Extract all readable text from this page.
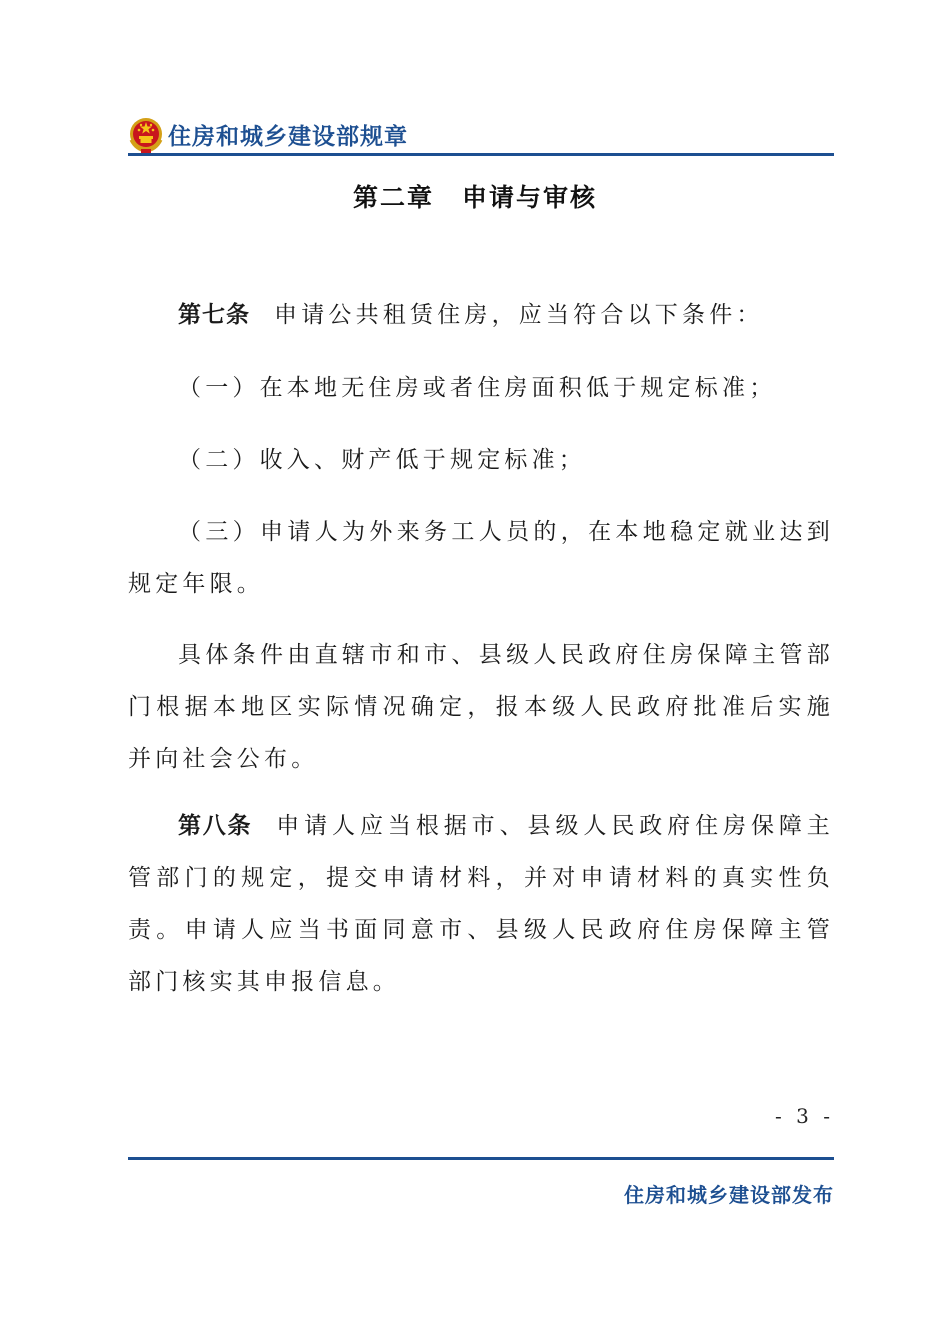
住房和城乡建设部规章
第二章 申请与审核
第七条 申请公共租赁住房，应当符合以下条件：
（一）在本地无住房或者住房面积低于规定标准；
（二）收入、财产低于规定标准；
（三）申请人为外来务工人员的，在本地稳定就业达到规定年限。
具体条件由直辖市和市、县级人民政府住房保障主管部门根据本地区实际情况确定，报本级人民政府批准后实施并向社会公布。
第八条 申请人应当根据市、县级人民政府住房保障主管部门的规定，提交申请材料，并对申请材料的真实性负责。申请人应当书面同意市、县级人民政府住房保障主管部门核实其申报信息。
- 3 -
住房和城乡建设部发布
